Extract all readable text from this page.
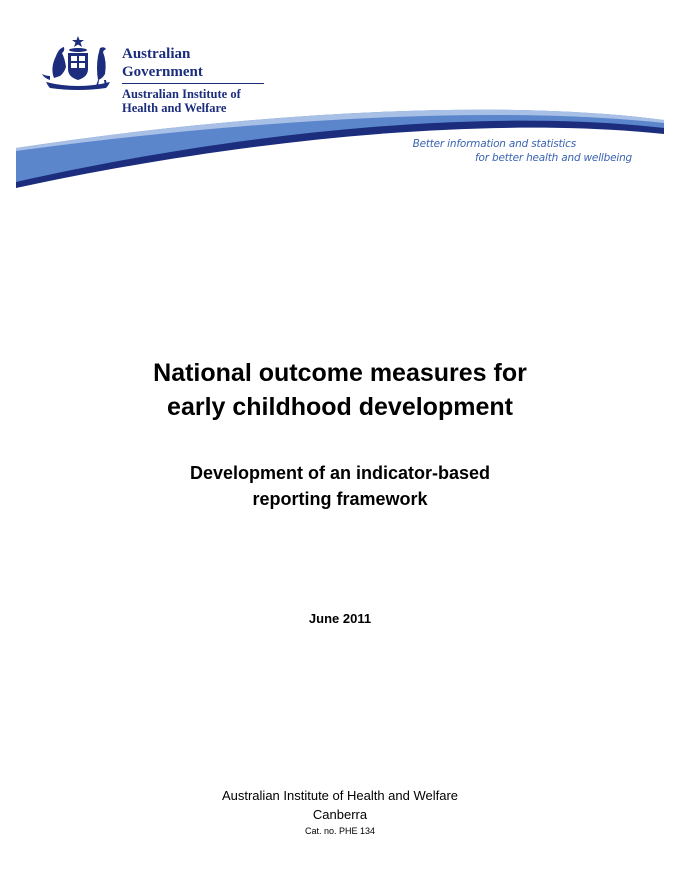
Australian Government
Australian Institute of
Health and Welfare
Better information and statistics
for better health and wellbeing
National outcome measures for
early childhood development
Development of an indicator-based
reporting framework
June 2011
Australian Institute of Health and Welfare
Canberra
Cat. no. PHE 134
